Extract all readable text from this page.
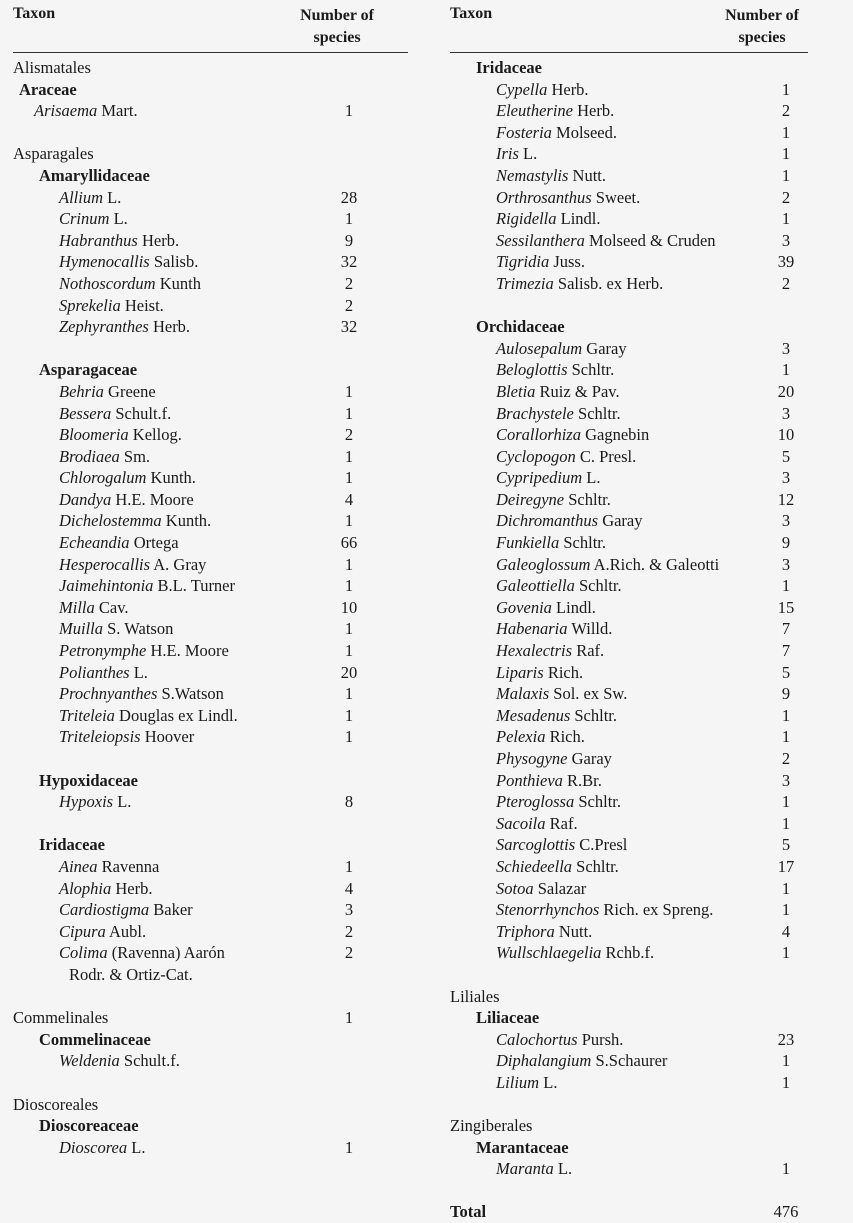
Taxon	Number of
species
Alismatales
Araceae
Arisaema Mart.	1
Asparagales
Amaryllidaceae
Allium L.	28
Crinum L.	1
Habranthus Herb.	9
Hymenocallis Salisb.	32
Nothoscordum Kunth	2
Sprekelia Heist.	2
Zephyranthes Herb.	32
Asparagaceae
Behria Greene	1
Bessera Schult.f.	1
Bloomeria Kellog.	2
Brodiaea Sm.	1
Chlorogalum Kunth.	1
Dandya H.E. Moore	4
Dichelostemma Kunth.	1
Echeandia Ortega	66
Hesperocallis A. Gray	1
Jaimehintonia B.L. Turner	1
Milla Cav.	10
Muilla S. Watson	1
Petronymphe H.E. Moore	1
Polianthes L.	20
Prochnyanthes S.Watson	1
Triteleia Douglas ex Lindl.	1
Triteleiopsis Hoover	1
Hypoxidaceae
Hypoxis L.	8
Iridaceae
Ainea Ravenna	1
Alophia Herb.	4
Cardiostigma Baker	3
Cipura Aubl.	2
Colima (Ravenna) Aarón	2
Rodr. & Ortiz-Cat.
Commelinales	1
Commelinaceae
Weldenia Schult.f.
Dioscoreales
Dioscoreaceae
Dioscorea L.	1
Taxon	Number of
species
Iridaceae
Cypella Herb.	1
Eleutherine Herb.	2
Fosteria Molseed.	1
Iris L.	1
Nemastylis Nutt.	1
Orthrosanthus Sweet.	2
Rigidella Lindl.	1
Sessilanthera Molseed & Cruden	3
Tigridia Juss.	39
Trimezia Salisb. ex Herb.	2
Orchidaceae
Aulosepalum Garay	3
Beloglottis Schltr.	1
Bletia Ruiz & Pav.	20
Brachystele Schltr.	3
Corallorhiza Gagnebin	10
Cyclopogon C. Presl.	5
Cypripedium L.	3
Deiregyne Schltr.	12
Dichromanthus Garay	3
Funkiella Schltr.	9
Galeoglossum A.Rich. & Galeotti	3
Galeottiella Schltr.	1
Govenia Lindl.	15
Habenaria Willd.	7
Hexalectris Raf.	7
Liparis Rich.	5
Malaxis Sol. ex Sw.	9
Mesadenus Schltr.	1
Pelexia Rich.	1
Physogyne Garay	2
Ponthieva R.Br.	3
Pteroglossa Schltr.	1
Sacoila Raf.	1
Sarcoglottis C.Presl	5
Schiedeella Schltr.	17
Sotoa Salazar	1
Stenorrhynchos Rich. ex Spreng.	1
Triphora Nutt.	4
Wullschlaegelia Rchb.f.	1
Liliales
Liliaceae
Calochortus Pursh.	23
Diphalangium S.Schaurer	1
Lilium L.	1
Zingiberales
Marantaceae
Maranta L.	1
Total	476
